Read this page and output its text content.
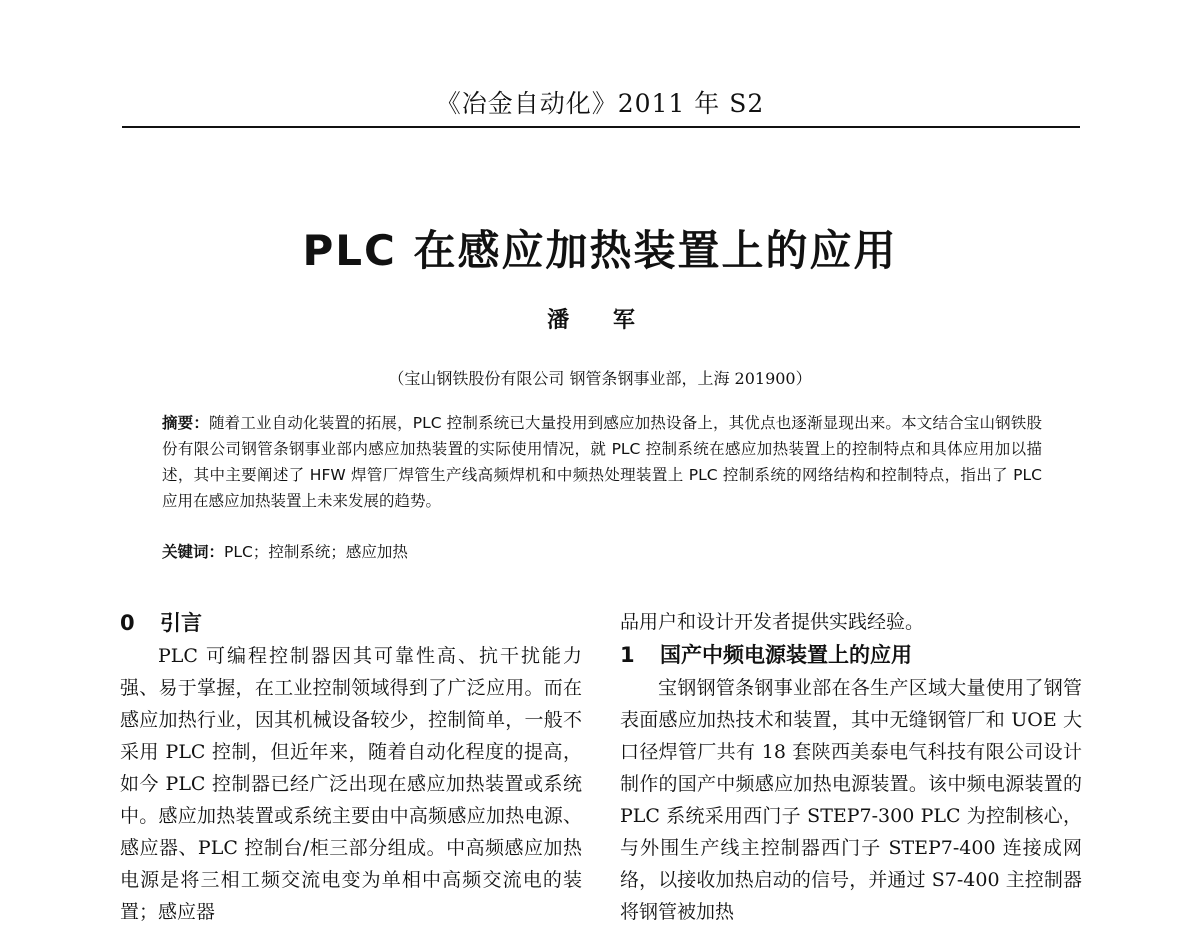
《冶金自动化》2011 年 S2
PLC 在感应加热装置上的应用
潘 军
（宝山钢铁股份有限公司 钢管条钢事业部，上海 201900）
摘要：随着工业自动化装置的拓展，PLC 控制系统已大量投用到感应加热设备上，其优点也逐渐显现出来。本文结合宝山钢铁股份有限公司钢管条钢事业部内感应加热装置的实际使用情况，就 PLC 控制系统在感应加热装置上的控制特点和具体应用加以描述，其中主要阐述了 HFW 焊管厂焊管生产线高频焊机和中频热处理装置上 PLC 控制系统的网络结构和控制特点，指出了 PLC 应用在感应加热装置上未来发展的趋势。
关键词：PLC；控制系统；感应加热
0 引言

PLC 可编程控制器因其可靠性高、抗干扰能力强、易于掌握，在工业控制领域得到了广泛应用。而在感应加热行业，因其机械设备较少，控制简单，一般不采用 PLC 控制，但近年来，随着自动化程度的提高，如今 PLC 控制器已经广泛出现在感应加热装置或系统中。感应加热装置或系统主要由中高频感应加热电源、感应器、PLC 控制台/柜三部分组成。中高频感应加热电源是将三相工频交流电变为单相中高频交流电的装置；感应器

品用户和设计开发者提供实践经验。

1 国产中频电源装置上的应用

宝钢钢管条钢事业部在各生产区域大量使用了钢管表面感应加热技术和装置，其中无缝钢管厂和 UOE 大口径焊管厂共有 18 套陕西美泰电气科技有限公司设计制作的国产中频感应加热电源装置。该中频电源装置的 PLC 系统采用西门子 STEP7-300 PLC 为控制核心，与外围生产线主控制器西门子 STEP7-400 连接成网络，以接收加热启动的信号，并通过 S7-400 主控制器将钢管被加热
